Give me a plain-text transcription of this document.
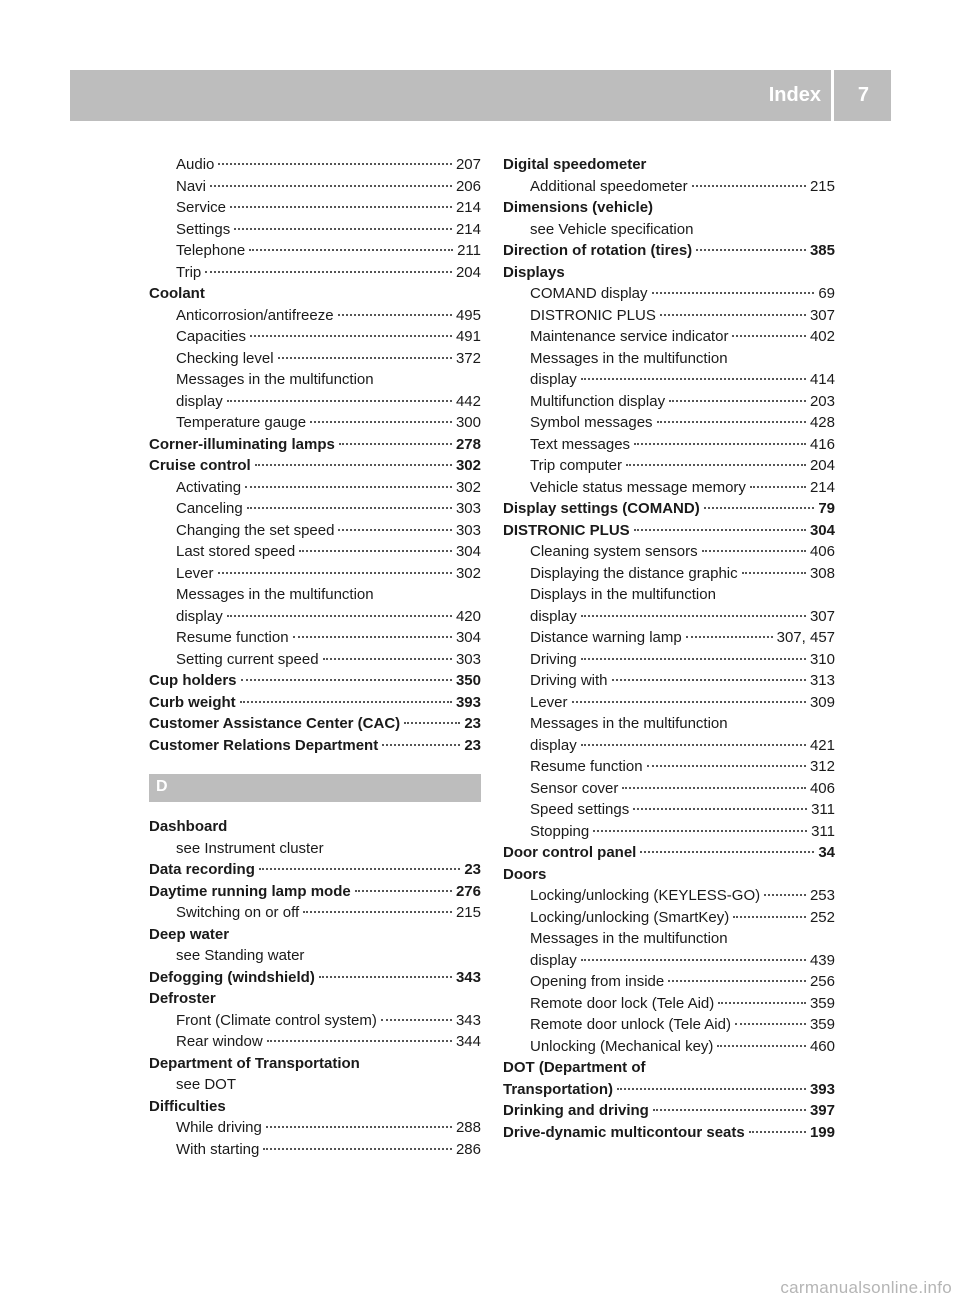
Index 7
Audio	207
Navi	206
Service	214
Settings	214
Telephone	211
Trip	204
Coolant
Anticorrosion/antifreeze	495
Capacities	491
Checking level	372
Messages in the multifunction
display	442
Temperature gauge	300
Corner-illuminating lamps	278
Cruise control	302
Activating	302
Canceling	303
Changing the set speed	303
Last stored speed	304
Lever	302
Messages in the multifunction
display	420
Resume function	304
Setting current speed	303
Cup holders	350
Curb weight	393
Customer Assistance Center (CAC)	23
Customer Relations Department	23
D
Dashboard
see Instrument cluster
Data recording	23
Daytime running lamp mode	276
Switching on or off	215
Deep water
see Standing water
Defogging (windshield)	343
Defroster
Front (Climate control system)	343
Rear window	344
Department of Transportation
see DOT
Difficulties
While driving	288
With starting	286
Digital speedometer
Additional speedometer	215
Dimensions (vehicle)
see Vehicle specification
Direction of rotation (tires)	385
Displays
COMAND display	69
DISTRONIC PLUS	307
Maintenance service indicator	402
Messages in the multifunction
display	414
Multifunction display	203
Symbol messages	428
Text messages	416
Trip computer	204
Vehicle status message memory	214
Display settings (COMAND)	79
DISTRONIC PLUS	304
Cleaning system sensors	406
Displaying the distance graphic	308
Displays in the multifunction
display	307
Distance warning lamp	307, 457
Driving	310
Driving with	313
Lever	309
Messages in the multifunction
display	421
Resume function	312
Sensor cover	406
Speed settings	311
Stopping	311
Door control panel	34
Doors
Locking/unlocking (KEYLESS-GO)	253
Locking/unlocking (SmartKey)	252
Messages in the multifunction
display	439
Opening from inside	256
Remote door lock (Tele Aid)	359
Remote door unlock (Tele Aid)	359
Unlocking (Mechanical key)	460
DOT (Department of
Transportation)	393
Drinking and driving	397
Drive-dynamic multicontour seats	199
carmanualsonline.info
